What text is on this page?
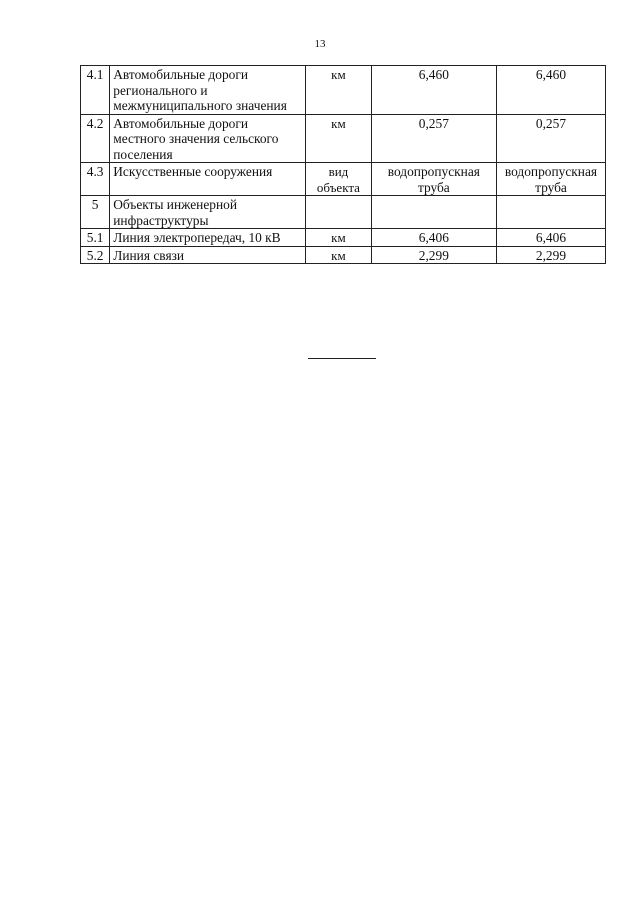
13
4.1	Автомобильные дороги регионального и межмуниципального значения	км	6,460	6,460
4.2	Автомобильные дороги местного значения сельского поселения	км	0,257	0,257
4.3	Искусственные сооружения	вид объекта	водопропускная труба	водопропускная труба
5	Объекты инженерной инфраструктуры			
5.1	Линия электропередач, 10 кВ	км	6,406	6,406
5.2	Линия связи	км	2,299	2,299
